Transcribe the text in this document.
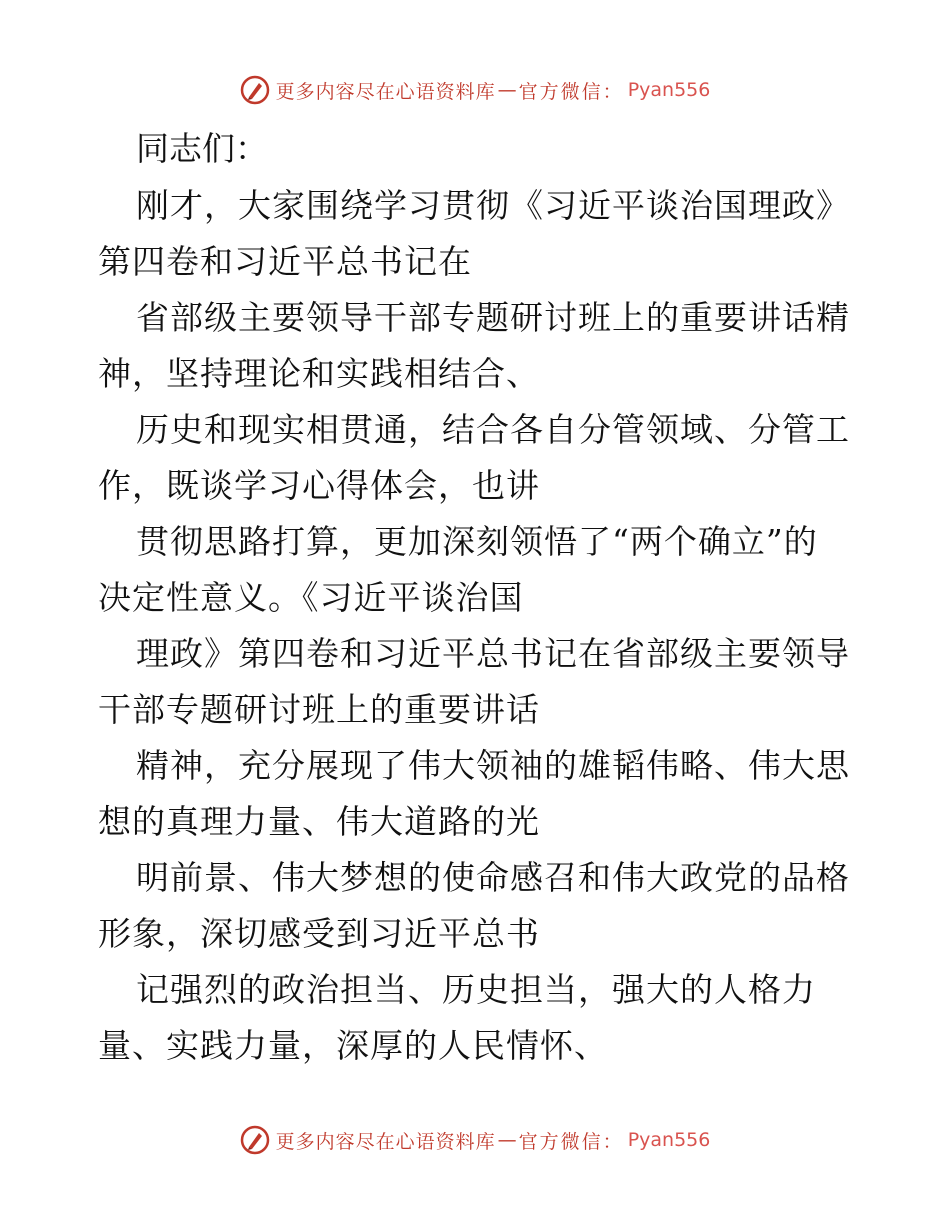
更多内容尽在心语资料库 — 官方微信： Pyan556

同志们：

刚才，大家围绕学习贯彻《习近平谈治国理政》
第四卷和习近平总书记在

省部级主要领导干部专题研讨班上的重要讲话精
神，坚持理论和实践相结合、

历史和现实相贯通，结合各自分管领域、分管工
作，既谈学习心得体会，也讲

贯彻思路打算，更加深刻领悟了“两个确立”的
决定性意义。《习近平谈治国

理政》第四卷和习近平总书记在省部级主要领导
干部专题研讨班上的重要讲话

精神，充分展现了伟大领袖的雄韬伟略、伟大思
想的真理力量、伟大道路的光

明前景、伟大梦想的使命感召和伟大政党的品格
形象，深切感受到习近平总书

记强烈的政治担当、历史担当，强大的人格力
量、实践力量，深厚的人民情怀、

更多内容尽在心语资料库 — 官方微信： Pyan556
